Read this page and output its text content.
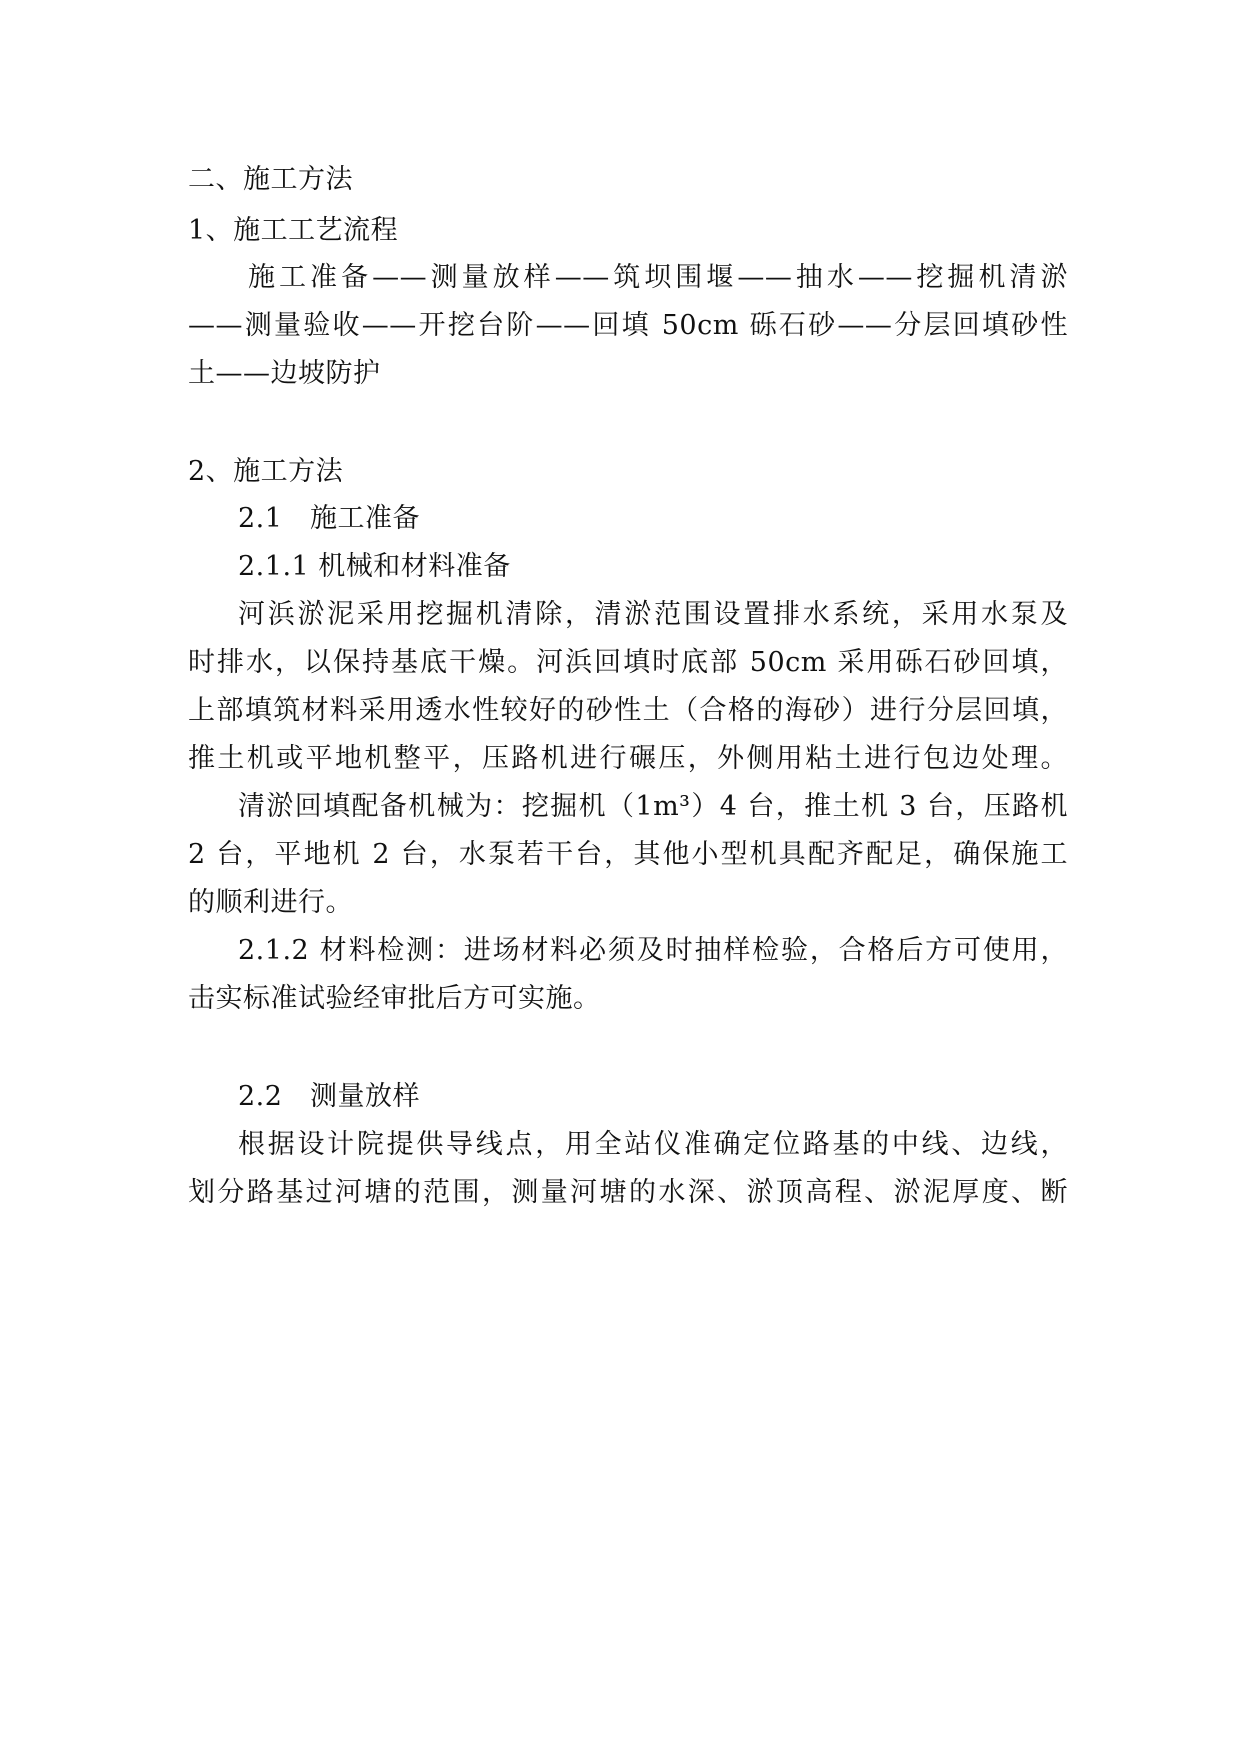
二、施工方法
1、施工工艺流程
施工准备——测量放样——筑坝围堰——抽水——挖掘机清淤
——测量验收——开挖台阶——回填 50cm 砾石砂——分层回填砂性
土——边坡防护
2、施工方法
2.1　施工准备
2.1.1 机械和材料准备
河浜淤泥采用挖掘机清除，清淤范围设置排水系统，采用水泵及
时排水，以保持基底干燥。河浜回填时底部 50cm 采用砾石砂回填，
上部填筑材料采用透水性较好的砂性土（合格的海砂）进行分层回填，
推土机或平地机整平，压路机进行碾压，外侧用粘土进行包边处理。
清淤回填配备机械为：挖掘机（1m³）4 台，推土机 3 台，压路机
2 台，平地机 2 台，水泵若干台，其他小型机具配齐配足，确保施工
的顺利进行。
2.1.2 材料检测：进场材料必须及时抽样检验，合格后方可使用，
击实标准试验经审批后方可实施。
2.2　测量放样
根据设计院提供导线点，用全站仪准确定位路基的中线、边线，
划分路基过河塘的范围，测量河塘的水深、淤顶高程、淤泥厚度、断
